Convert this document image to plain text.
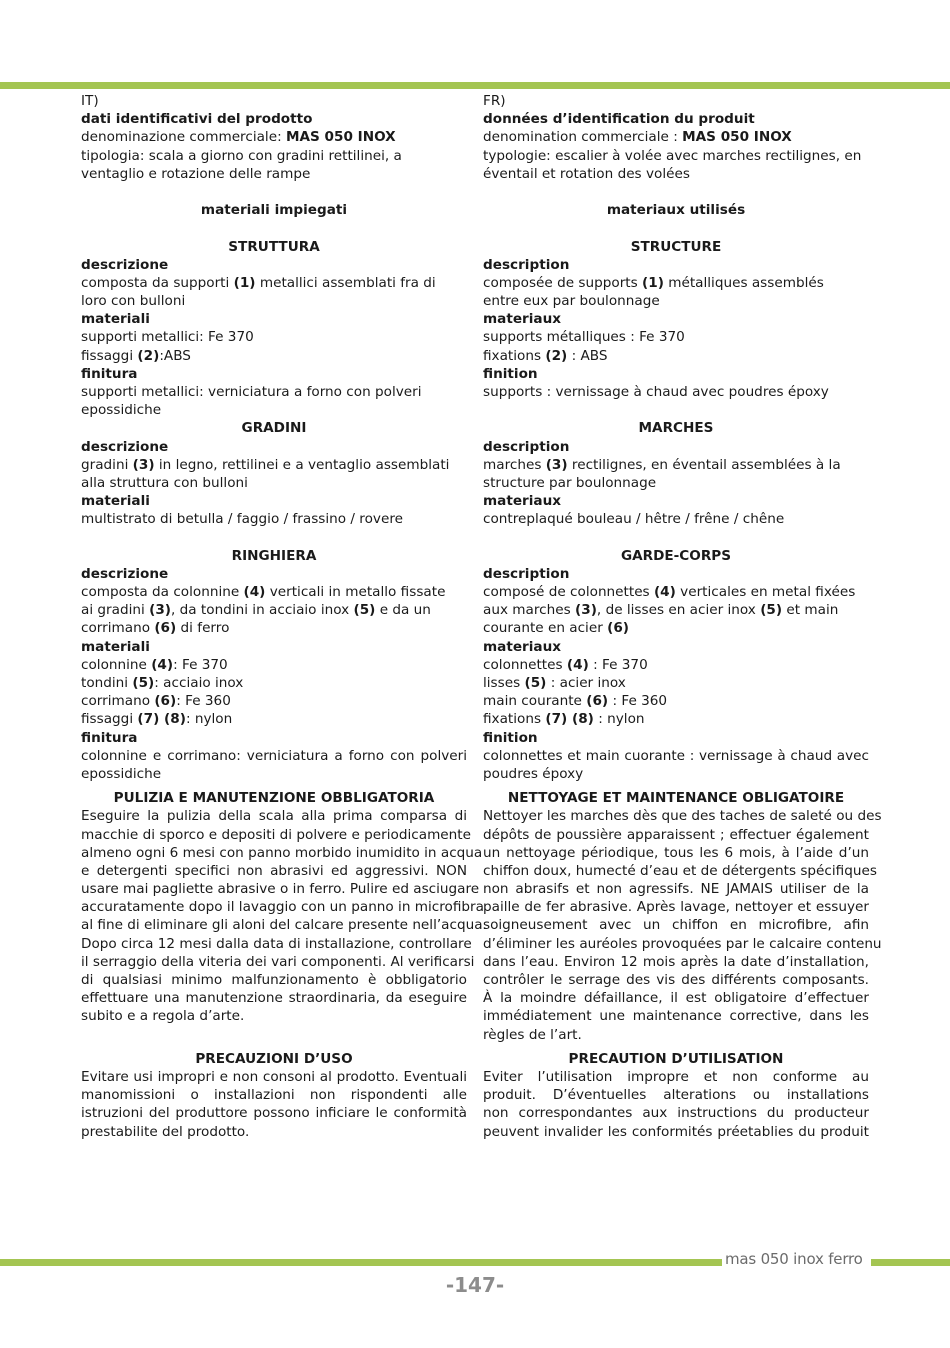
IT)
dati identificativi del prodotto
denominazione commerciale: MAS 050 INOX
tipologia: scala a giorno con gradini rettilinei, a
ventaglio e rotazione delle rampe
materiali impiegati
STRUTTURA
descrizione
composta da supporti (1) metallici assemblati fra di
loro con bulloni
materiali
supporti metallici: Fe 370
fissaggi (2):ABS
finitura
supporti metallici: verniciatura a forno con polveri
epossidiche
GRADINI
descrizione
gradini (3) in legno, rettilinei e a ventaglio assemblati
alla struttura con bulloni
materiali
multistrato di betulla / faggio / frassino / rovere
RINGHIERA
descrizione
composta da colonnine (4) verticali in metallo fissate
ai gradini (3), da tondini in acciaio inox (5) e da un
corrimano (6) di ferro
materiali
colonnine (4): Fe 370
tondini (5): acciaio inox
corrimano (6): Fe 360
fissaggi (7) (8): nylon
finitura
colonnine e corrimano: verniciatura a forno con polveri
epossidiche
PULIZIA E MANUTENZIONE OBBLIGATORIA
Eseguire la pulizia della scala alla prima comparsa di
macchie di sporco e depositi di polvere e periodicamente
almeno ogni 6 mesi con panno morbido inumidito in acqua
e detergenti specifici non abrasivi ed aggressivi. NON
usare mai pagliette abrasive o in ferro. Pulire ed asciugare
accuratamente dopo il lavaggio con un panno in microfibra
al fine di eliminare gli aloni del calcare presente nell’acqua.
Dopo circa 12 mesi dalla data di installazione, controllare
il serraggio della viteria dei vari componenti. Al verificarsi
di qualsiasi minimo malfunzionamento è obbligatorio
effettuare una manutenzione straordinaria, da eseguire
subito e a regola d’arte.
PRECAUZIONI D’USO
Evitare usi impropri e non consoni al prodotto. Eventuali
manomissioni o installazioni non rispondenti alle
istruzioni del produttore possono inficiare le conformità
prestabilite del prodotto.
FR)
données d’identification du produit
denomination commerciale : MAS 050 INOX
typologie: escalier à volée avec marches rectilignes, en
éventail et rotation des volées
materiaux utilisés
STRUCTURE
description
composée de supports (1) métalliques assemblés
entre eux par boulonnage
materiaux
supports métalliques : Fe 370
fixations (2) : ABS
finition
supports : vernissage à chaud avec poudres époxy
MARCHES
description
marches (3) rectilignes, en éventail assemblées à la
structure par boulonnage
materiaux
contreplaqué bouleau / hêtre / frêne / chêne
GARDE-CORPS
description
composé de colonnettes (4) verticales en metal fixées
aux marches (3), de lisses en acier inox (5) et main
courante en acier (6)
materiaux
colonnettes (4) : Fe 370
lisses (5) : acier inox
main courante (6) : Fe 360
fixations (7) (8) : nylon
finition
colonnettes et main cuorante : vernissage à chaud avec
poudres époxy
NETTOYAGE ET MAINTENANCE OBLIGATOIRE
Nettoyer les marches dès que des taches de saleté ou des
dépôts de poussière apparaissent ; effectuer également
un nettoyage périodique, tous les 6 mois, à l’aide d’un
chiffon doux, humecté d’eau et de détergents spécifiques
non abrasifs et non agressifs. NE JAMAIS utiliser de la
paille de fer abrasive. Après lavage, nettoyer et essuyer
soigneusement avec un chiffon en microfibre, afin
d’éliminer les auréoles provoquées par le calcaire contenu
dans l’eau. Environ 12 mois après la date d’installation,
contrôler le serrage des vis des différents composants.
À la moindre défaillance, il est obligatoire d’effectuer
immédiatement une maintenance corrective, dans les
règles de l’art.
PRECAUTION D’UTILISATION
Eviter l’utilisation impropre et non conforme au
produit. D’éventuelles alterations ou installations
non correspondantes aux instructions du producteur
peuvent invalider les conformités préetablies du produit
mas 050 inox ferro
-147-
